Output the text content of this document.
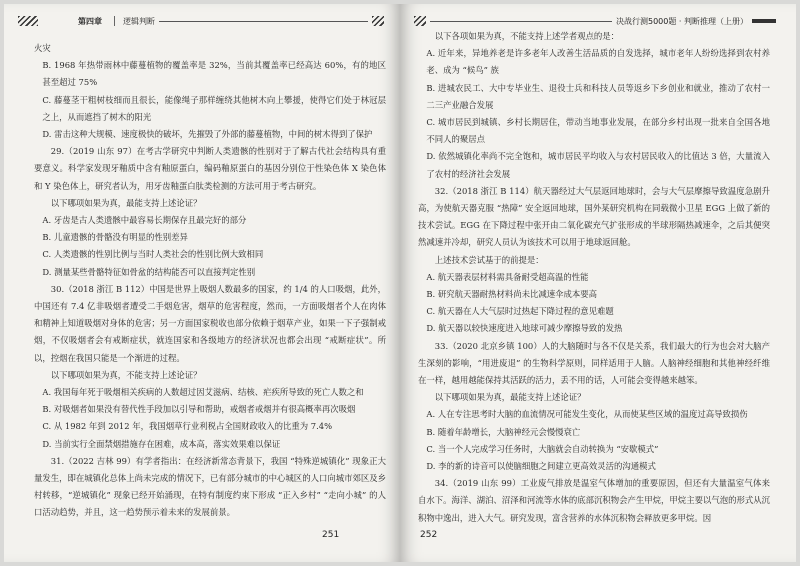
第四章	逻辑判断

火灾

B. 1968 年热带雨林中藤蔓植物的覆盖率是 32%，当前其覆盖率已经高达 60%，有的地区甚至超过 75%

C. 藤蔓茎干粗树枝细而且很长，能像绳子那样缠绕其他树木向上攀援，使得它们处于林冠层之上，从而遮挡了树木的阳光

D. 雷击这种大规模、速度极快的破坏，先摧毁了外部的藤蔓植物，中间的树木得到了保护

29.（2019 山东 97）在考古学研究中判断人类遗骸的性别对于了解古代社会结构具有重要意义。科学家发现牙釉质中含有釉原蛋白，编码釉原蛋白的基因分别位于性染色体 X 染色体和 Y 染色体上，研究者认为，用牙齿釉蛋白肽类检测的方法可用于考古研究。

以下哪项如果为真，最能支持上述论证？

A. 牙齿是古人类遗骸中最容易长期保存且最完好的部分

B. 儿童遗骸的骨骼没有明显的性别差异

C. 人类遗骸的性别比例与当时人类社会的性别比例大致相同

D. 测量某些骨骼特征如骨盆的结构能否可以直接判定性别

30.（2018 浙江 B 112）中国是世界上吸烟人数最多的国家，约 1/4 的人口吸烟，此外，中国还有 7.4 亿非吸烟者遭受二手烟危害，烟草的危害程度，然而，一方面吸烟者个人在肉体和精神上知道吸烟对身体的危害；另一方面国家税收也部分依赖于烟草产业，如果一下子强制戒烟，不仅吸烟者会有戒断症状，就连国家和各级地方的经济状况也都会出现 “戒断症状”。所以，控烟在我国只能是一个渐进的过程。

以下哪项如果为真，不能支持上述论证？

A. 我国每年死于吸烟相关疾病的人数超过因艾滋病、结核、疟疾所导致的死亡人数之和

B. 对吸烟者如果没有替代性手段加以引导和帮助，戒烟者戒烟并有很高概率再次吸烟

C. 从 1982 年到 2012 年，我国烟草行业利税占全国财政收入的比重为 7.4%

D. 当前实行全面禁烟措施存在困难，成本高，落实效果难以保证

31.（2022 吉林 99）有学者指出：在经济新常态背景下，我国 “特殊逆城镇化” 现象正大量发生，即在城镇化总体上尚未完成的情况下，已有部分城市的中心城区的人口向城市郊区及乡村转移，“逆城镇化” 现象已经开始涌现，在特有制度约束下形成 “正入乡村” “走向小城” 的人口活动趋势，并且，这一趋势预示着未来的发展前景。

251
决战行测5000题 · 判断推理（上册）

以下各项如果为真，不能支持上述学者观点的是：

A. 近年来，异地养老是许多老年人改善生活品质的自发选择，城市老年人纷纷选择到农村养老、成为 “候鸟” 族

B. 进城农民工、大中专毕业生、退役士兵和科技人员等返乡下乡创业和就业，推动了农村一二三产业融合发展

C. 城市居民到城镇、乡村长期居住，带动当地事业发展，在部分乡村出现一批来自全国各地不同人的聚居点

D. 依然城镇化率尚不完全饱和，城市居民平均收入与农村居民收入的比值达 3 倍，大量流入了农村的经济社会发展

32.（2018 浙江 B 114）航天器经过大气层返回地球时，会与大气层摩擦导致温度急剧升高，为使航天器克服 “热障” 安全返回地球，国外某研究机构在同载微小卫星 EGG 上做了新的技术尝试。EGG 在下降过程中张开由二氧化碳充气扩张形成的半球形隔热减速伞，之后其便突然减速并冷却，研究人员认为该技术可以用于地球返回舱。

上述技术尝试基于的前提是：

A. 航天器表层材料需具备耐受超高温的性能

B. 研究航天器耐热材料尚未比减速伞成本要高

C. 航天器在人大气层时过热起下降过程的意见难题

D. 航天器以较快速度进入地球可减少摩擦导致的发热

33.（2020 北京乡镇 100）人的大脑随时与各不仅是关系，我们最大的行为也会对大脑产生深刻的影响，“用进废退” 的生物科学原则，同样适用于人脑。人脑神经细胞和其他神经纤维在一样，越用越能保持其活跃的活力，丢不用的话，人可能会变得越来越笨。

以下哪项如果为真，最能支持上述论证？

A. 人在专注思考时大脑的血流情况可能发生变化，从而使某些区域的温度过高导致损伤

B. 随着年龄增长，大脑神经元会慢慢衰亡

C. 当一个人完成学习任务时，大脑就会自动转换为 “安歇模式”

D. 李的新的诗音可以使脑细胞之间建立更高效灵活的沟通模式

34.（2019 山东 99）工业废气排放是温室气体增加的重要原因，但还有大量温室气体来自水下。海洋、湖泊、沼泽和河流等水体的底部沉积物会产生甲烷，甲烷主要以气泡的形式从沉积物中逸出，进入大气。研究发现，富含营养的水体沉积物会释放更多甲烷。因

252
